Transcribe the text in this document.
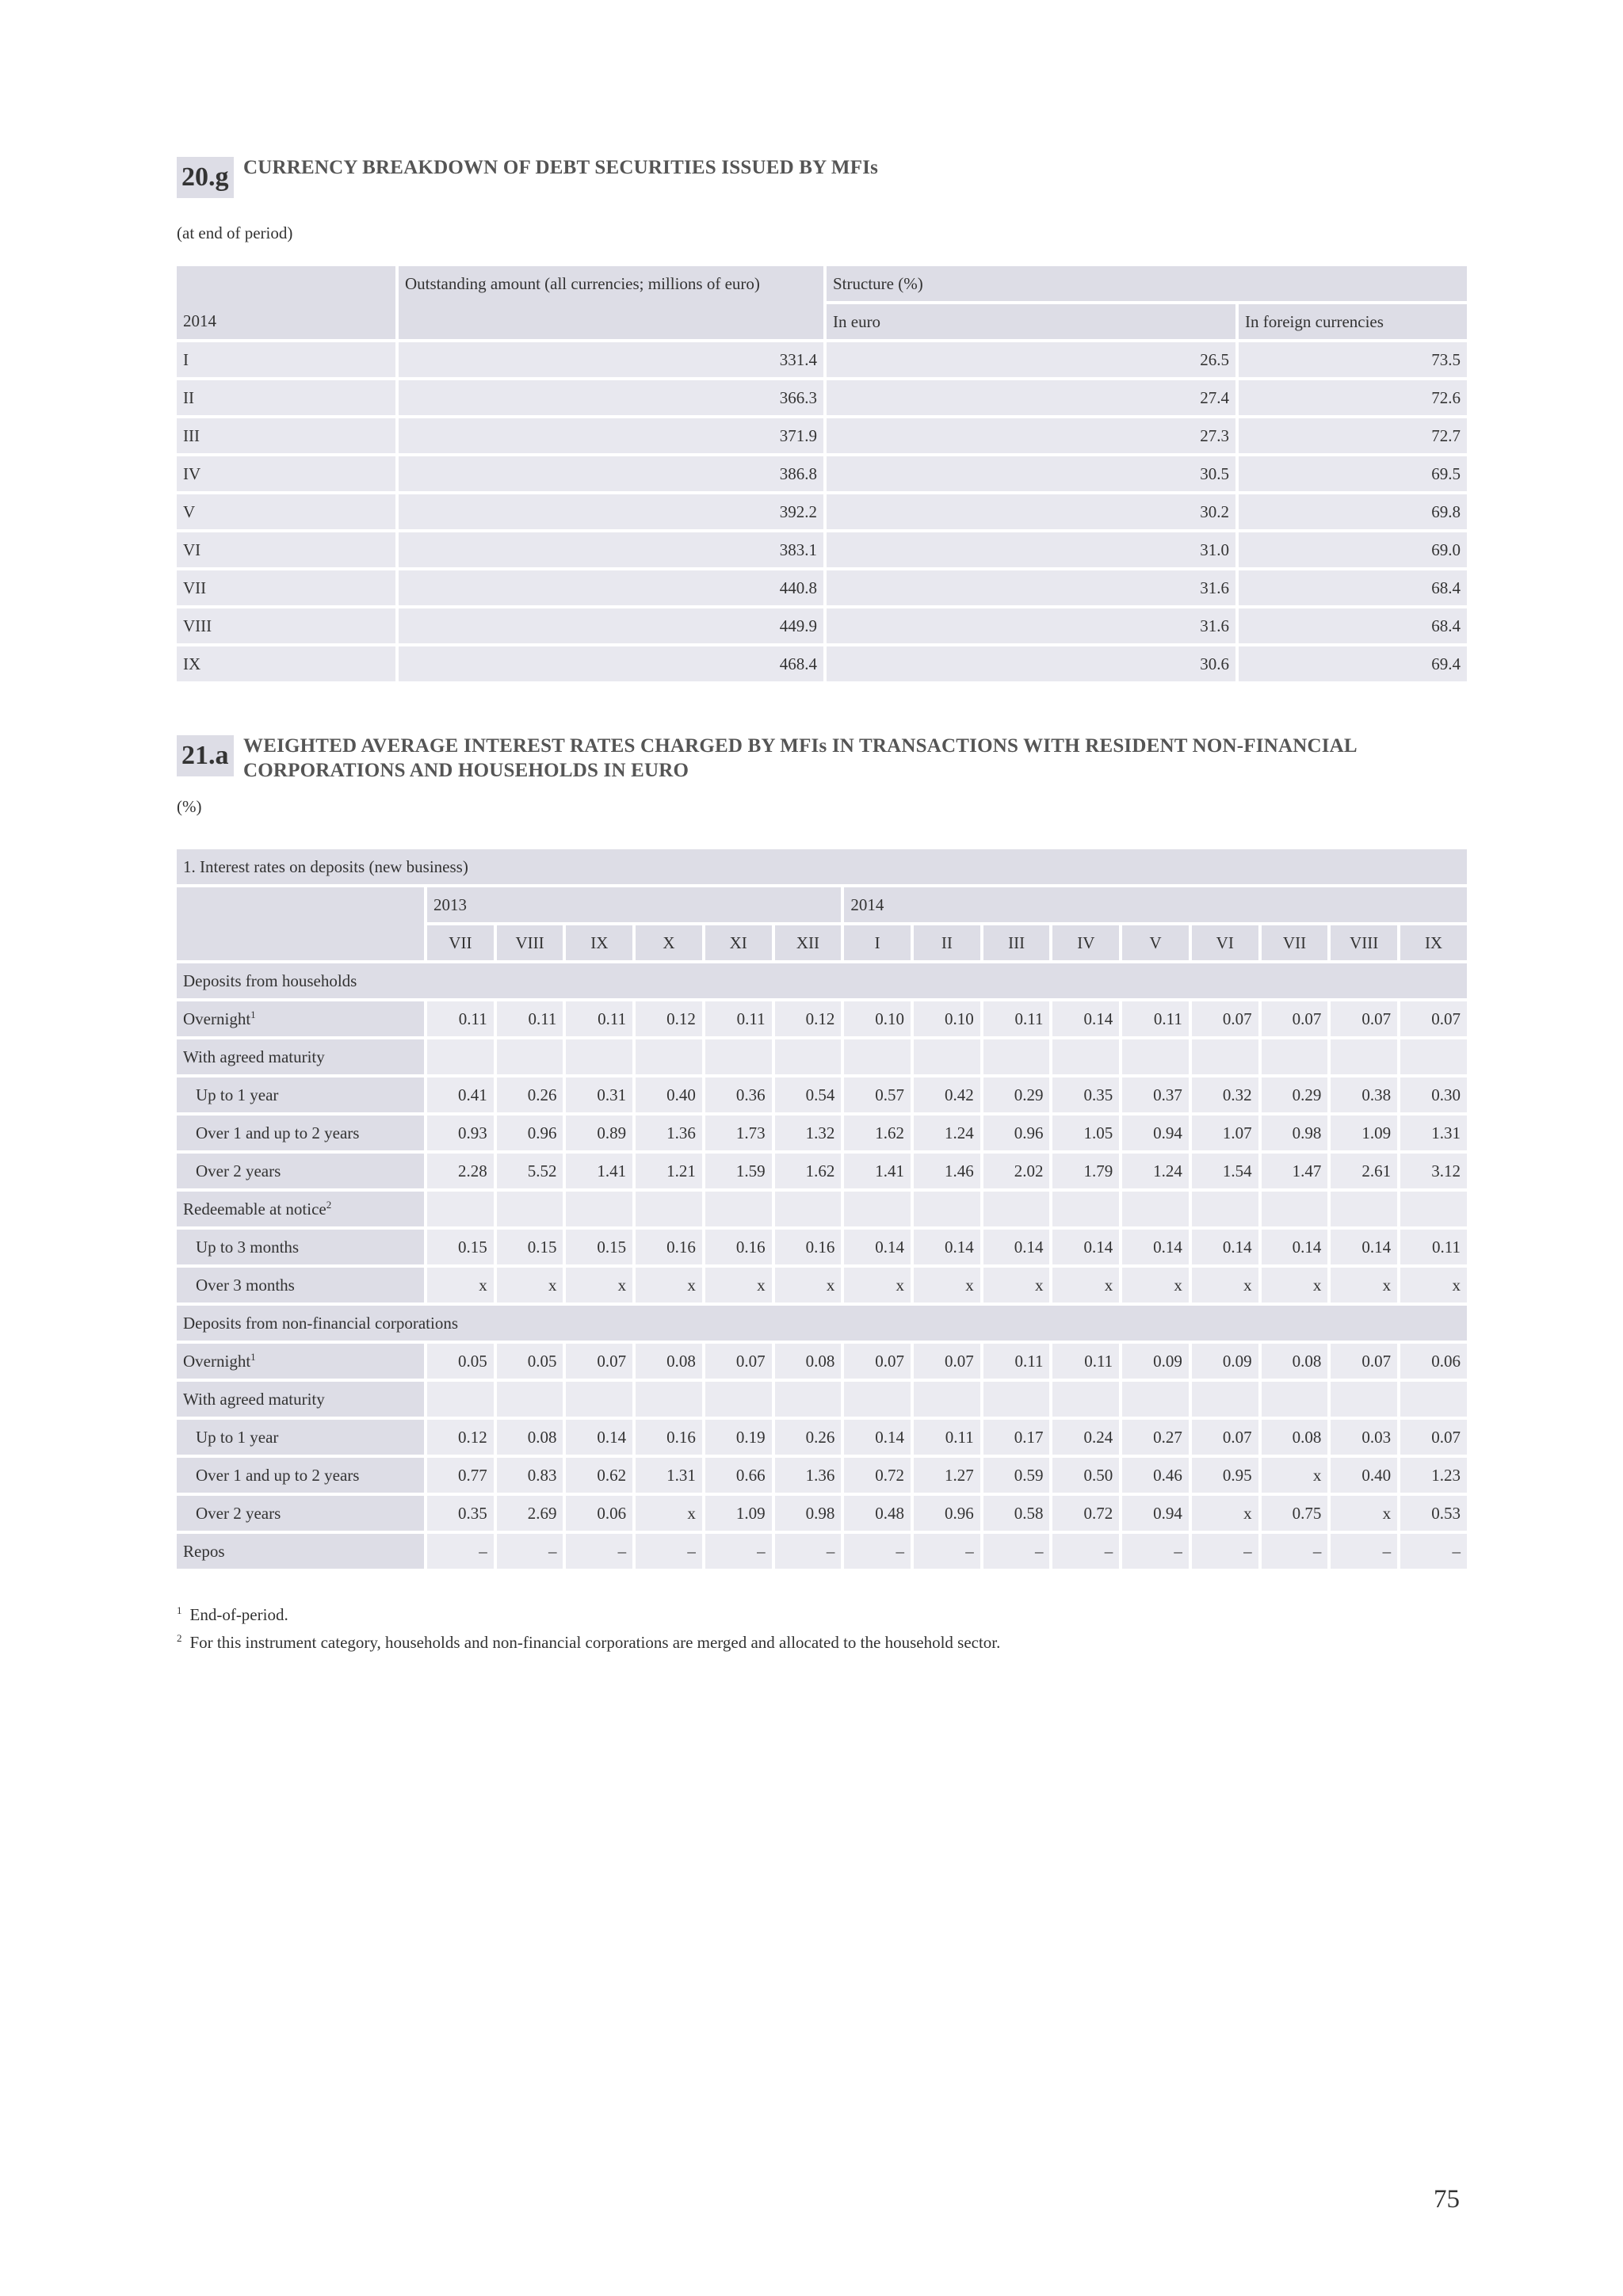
20.g CURRENCY BREAKDOWN OF DEBT SECURITIES ISSUED BY MFIs
(at end of period)
2014	Outstanding amount (all currencies; millions of euro)	Structure (%)	
		In euro	In foreign currencies
I	331.4	26.5	73.5
II	366.3	27.4	72.6
III	371.9	27.3	72.7
IV	386.8	30.5	69.5
V	392.2	30.2	69.8
VI	383.1	31.0	69.0
VII	440.8	31.6	68.4
VIII	449.9	31.6	68.4
IX	468.4	30.6	69.4
21.a WEIGHTED AVERAGE INTEREST RATES CHARGED BY MFIs IN TRANSACTIONS WITH RESIDENT NON-FINANCIAL
CORPORATIONS AND HOUSEHOLDS IN EURO
(%)
1. Interest rates on deposits (new business)															
	2013						2014								
	VII	VIII	IX	X	XI	XII	I	II	III	IV	V	VI	VII	VIII	IX
Deposits from households															
Overnight$^1$	0.11	0.11	0.11	0.12	0.11	0.12	0.10	0.10	0.11	0.14	0.11	0.07	0.07	0.07	0.07
With agreed maturity															
Up to 1 year	0.41	0.26	0.31	0.40	0.36	0.54	0.57	0.42	0.29	0.35	0.37	0.32	0.29	0.38	0.30
Over 1 and up to 2 years	0.93	0.96	0.89	1.36	1.73	1.32	1.62	1.24	0.96	1.05	0.94	1.07	0.98	1.09	1.31
Over 2 years	2.28	5.52	1.41	1.21	1.59	1.62	1.41	1.46	2.02	1.79	1.24	1.54	1.47	2.61	3.12
Redeemable at notice$^2$															
Up to 3 months	0.15	0.15	0.15	0.16	0.16	0.16	0.14	0.14	0.14	0.14	0.14	0.14	0.14	0.14	0.11
Over 3 months	x	x	x	x	x	x	x	x	x	x	x	x	x	x	x
Deposits from non-financial corporations															
Overnight$^1$	0.05	0.05	0.07	0.08	0.07	0.08	0.07	0.07	0.11	0.11	0.09	0.09	0.08	0.07	0.06
With agreed maturity															
Up to 1 year	0.12	0.08	0.14	0.16	0.19	0.26	0.14	0.11	0.17	0.24	0.27	0.07	0.08	0.03	0.07
Over 1 and up to 2 years	0.77	0.83	0.62	1.31	0.66	1.36	0.72	1.27	0.59	0.50	0.46	0.95	x	0.40	1.23
Over 2 years	0.35	2.69	0.06	x	1.09	0.98	0.48	0.96	0.58	0.72	0.94	x	0.75	x	0.53
Repos	–	–	–	–	–	–	–	–	–	–	–	–	–	–	–
$^1$ End-of-period.
$^2$ For this instrument category, households and non-financial corporations are merged and allocated to the household sector.
75
